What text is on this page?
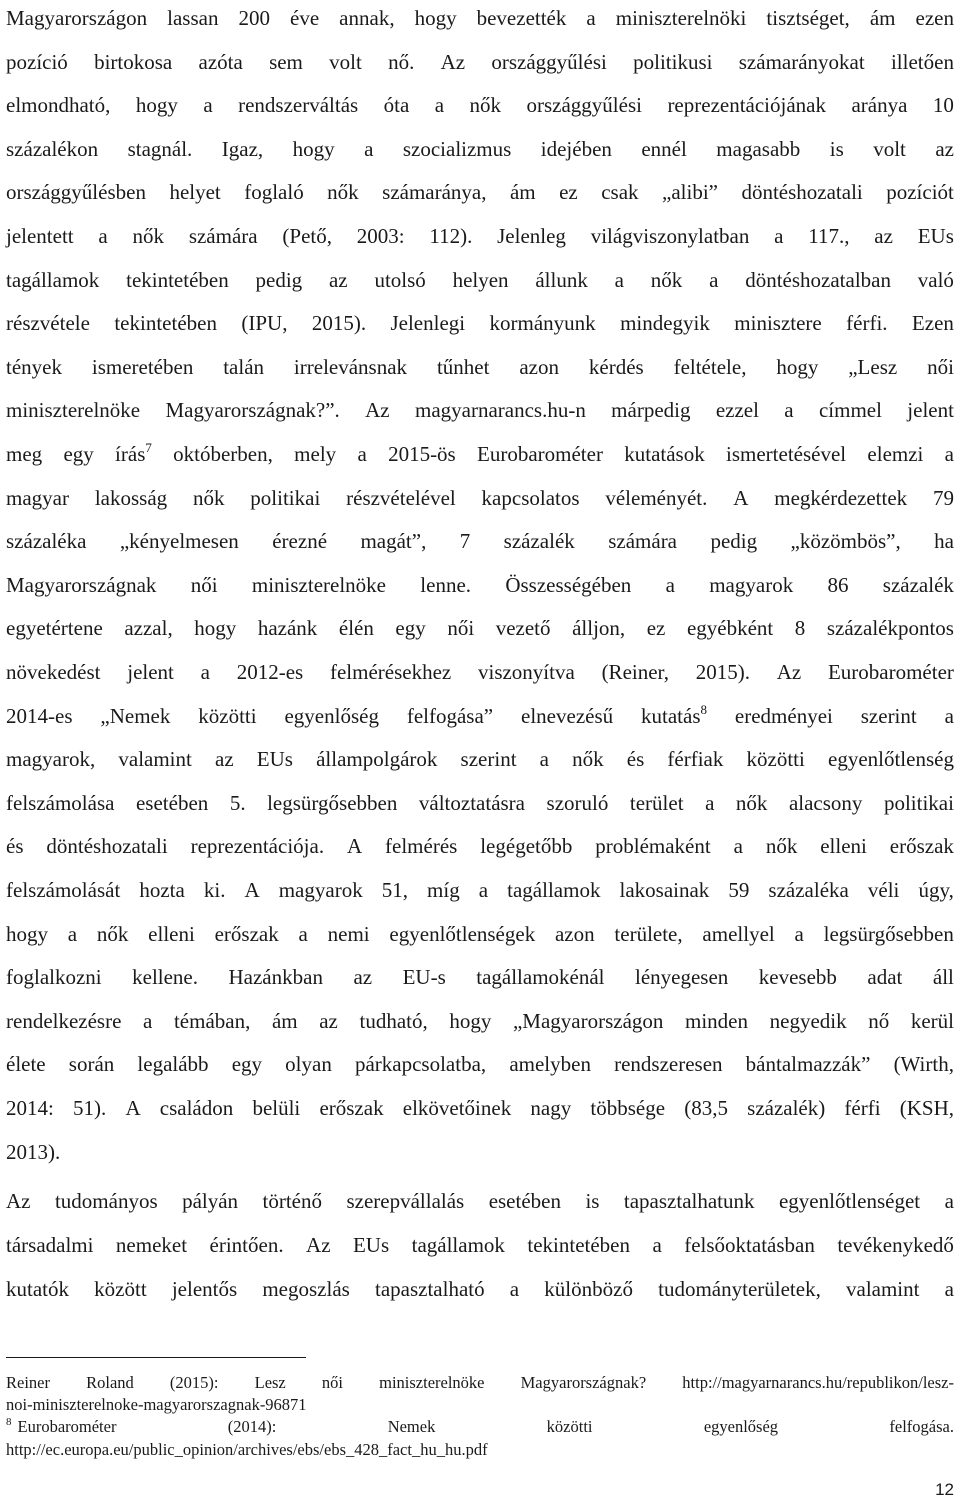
Magyarországon lassan 200 éve annak, hogy bevezették a miniszterelnöki tisztséget, ám ezen
pozíció birtokosa azóta sem volt nő. Az országgyűlési politikusi számarányokat illetően
elmondható, hogy a rendszerváltás óta a nők országgyűlési reprezentációjának aránya 10
százalékon stagnál. Igaz, hogy a szocializmus idejében ennél magasabb is volt az
országgyűlésben helyet foglaló nők számaránya, ám ez csak „alibi” döntéshozatali pozíciót
jelentett a nők számára (Pető, 2003: 112). Jelenleg világviszonylatban a 117., az EUs
tagállamok tekintetében pedig az utolsó helyen állunk a nők a döntéshozatalban való
részvétele tekintetében (IPU, 2015). Jelenlegi kormányunk mindegyik minisztere férfi. Ezen
tények ismeretében talán irrelevánsnak tűnhet azon kérdés feltétele, hogy „Lesz női
miniszterelnöke Magyarországnak?”. Az magyarnarancs.hu-n márpedig ezzel a címmel jelent
meg egy írás$^7$ októberben, mely a 2015-ös Eurobarométer kutatások ismertetésével elemzi a
magyar lakosság nők politikai részvételével kapcsolatos véleményét. A megkérdezettek 79
százaléka „kényelmesen érezné magát”, 7 százalék számára pedig „közömbös”, ha
Magyarországnak női miniszterelnöke lenne. Összességében a magyarok 86 százalék
egyetértene azzal, hogy hazánk élén egy női vezető álljon, ez egyébként 8 százalékpontos
növekedést jelent a 2012-es felmérésekhez viszonyítva (Reiner, 2015). Az Eurobarométer
2014-es „Nemek közötti egyenlőség felfogása” elnevezésű kutatás$^8$ eredményei szerint a
magyarok, valamint az EUs állampolgárok szerint a nők és férfiak közötti egyenlőtlenség
felszámolása esetében 5. legsürgősebben változtatásra szoruló terület a nők alacsony politikai
és döntéshozatali reprezentációja. A felmérés legégetőbb problémaként a nők elleni erőszak
felszámolását hozta ki. A magyarok 51, míg a tagállamok lakosainak 59 százaléka véli úgy,
hogy a nők elleni erőszak a nemi egyenlőtlenségek azon területe, amellyel a legsürgősebben
foglalkozni kellene. Hazánkban az EU-s tagállamokénál lényegesen kevesebb adat áll
rendelkezésre a témában, ám az tudható, hogy „Magyarországon minden negyedik nő kerül
élete során legalább egy olyan párkapcsolatba, amelyben rendszeresen bántalmazzák” (Wirth,
2014: 51). A családon belüli erőszak elkövetőinek nagy többsége (83,5 százalék) férfi (KSH,
2013).
Az tudományos pályán történő szerepvállalás esetében is tapasztalhatunk egyenlőtlenséget a
társadalmi nemeket érintően. Az EUs tagállamok tekintetében a felsőoktatásban tevékenykedő
kutatók között jelentős megoszlás tapasztalható a különböző tudományterületek, valamint a
Reiner Roland (2015): Lesz női miniszterelnöke Magyarországnak? http://magyarnarancs.hu/republikon/lesz-
noi-miniszterelnoke-magyarorszagnak-96871
8 Eurobarométer	(2014):	Nemek	közötti	egyenlőség	felfogása.
http://ec.europa.eu/public_opinion/archives/ebs/ebs_428_fact_hu_hu.pdf
12
